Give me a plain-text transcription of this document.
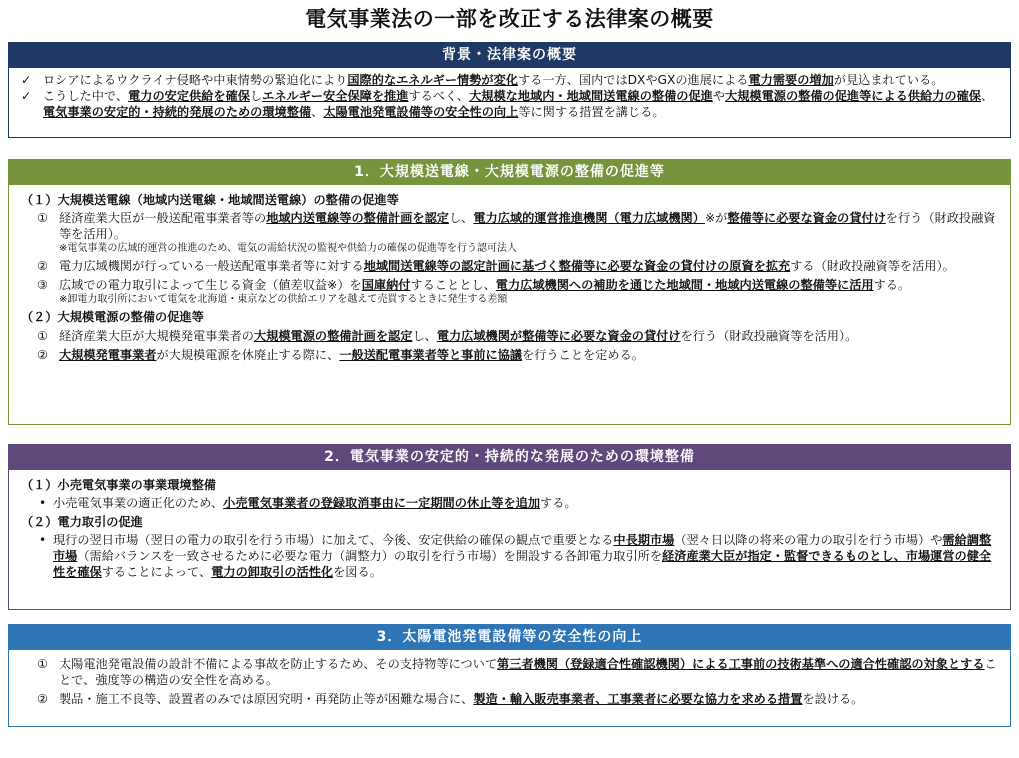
電気事業法の一部を改正する法律案の概要
背景・法律案の概要
✓ ロシアによるウクライナ侵略や中東情勢の緊迫化により国際的なエネルギー情勢が変化する一方、国内ではDXやGXの進展による電力需要の増加が見込まれている。
✓ こうした中で、電力の安定供給を確保しエネルギー安全保障を推進するべく、大規模な地域内・地域間送電線の整備の促進や大規模電源の整備の促進等による供給力の確保、電気事業の安定的・持続的発展のための環境整備、太陽電池発電設備等の安全性の向上等に関する措置を講じる。
1．大規模送電線・大規模電源の整備の促進等
（１）大規模送電線（地域内送電線・地域間送電線）の整備の促進等
① 経済産業大臣が一般送配電事業者等の地域内送電線等の整備計画を認定し、電力広域的運営推進機関（電力広域機関）※が整備等に必要な資金の貸付けを行う（財政投融資等を活用）。
※電気事業の広域的運営の推進のため、電気の需給状況の監視や供給力の確保の促進等を行う認可法人
② 電力広域機関が行っている一般送配電事業者等に対する地域間送電線等の認定計画に基づく整備等に必要な資金の貸付けの原資を拡充する（財政投融資等を活用）。
③ 広域での電力取引によって生じる資金（値差収益※）を国庫納付することとし、電力広域機関への補助を通じた地域間・地域内送電線の整備等に活用する。
※卸電力取引所において電気を北海道・東京などの供給エリアを越えて売買するときに発生する差額
（２）大規模電源の整備の促進等
① 経済産業大臣が大規模発電事業者の大規模電源の整備計画を認定し、電力広域機関が整備等に必要な資金の貸付けを行う（財政投融資等を活用）。
② 大規模発電事業者が大規模電源を休廃止する際に、一般送配電事業者等と事前に協議を行うことを定める。
2．電気事業の安定的・持続的な発展のための環境整備
（１）小売電気事業の事業環境整備
• 小売電気事業の適正化のため、小売電気事業者の登録取消事由に一定期間の休止等を追加する。
（２）電力取引の促進
• 現行の翌日市場（翌日の電力の取引を行う市場）に加えて、今後、安定供給の確保の観点で重要となる中長期市場（翌々日以降の将来の電力の取引を行う市場）や需給調整市場（需給バランスを一致させるために必要な電力（調整力）の取引を行う市場）を開設する各卸電力取引所を経済産業大臣が指定・監督できるものとし、市場運営の健全性を確保することによって、電力の卸取引の活性化を図る。
3．太陽電池発電設備等の安全性の向上
① 太陽電池発電設備の設計不備による事故を防止するため、その支持物等について第三者機関（登録適合性確認機関）による工事前の技術基準への適合性確認の対象とすることで、強度等の構造の安全性を高める。
② 製品・施工不良等、設置者のみでは原因究明・再発防止等が困難な場合に、製造・輸入販売事業者、工事業者に必要な協力を求める措置を設ける。
